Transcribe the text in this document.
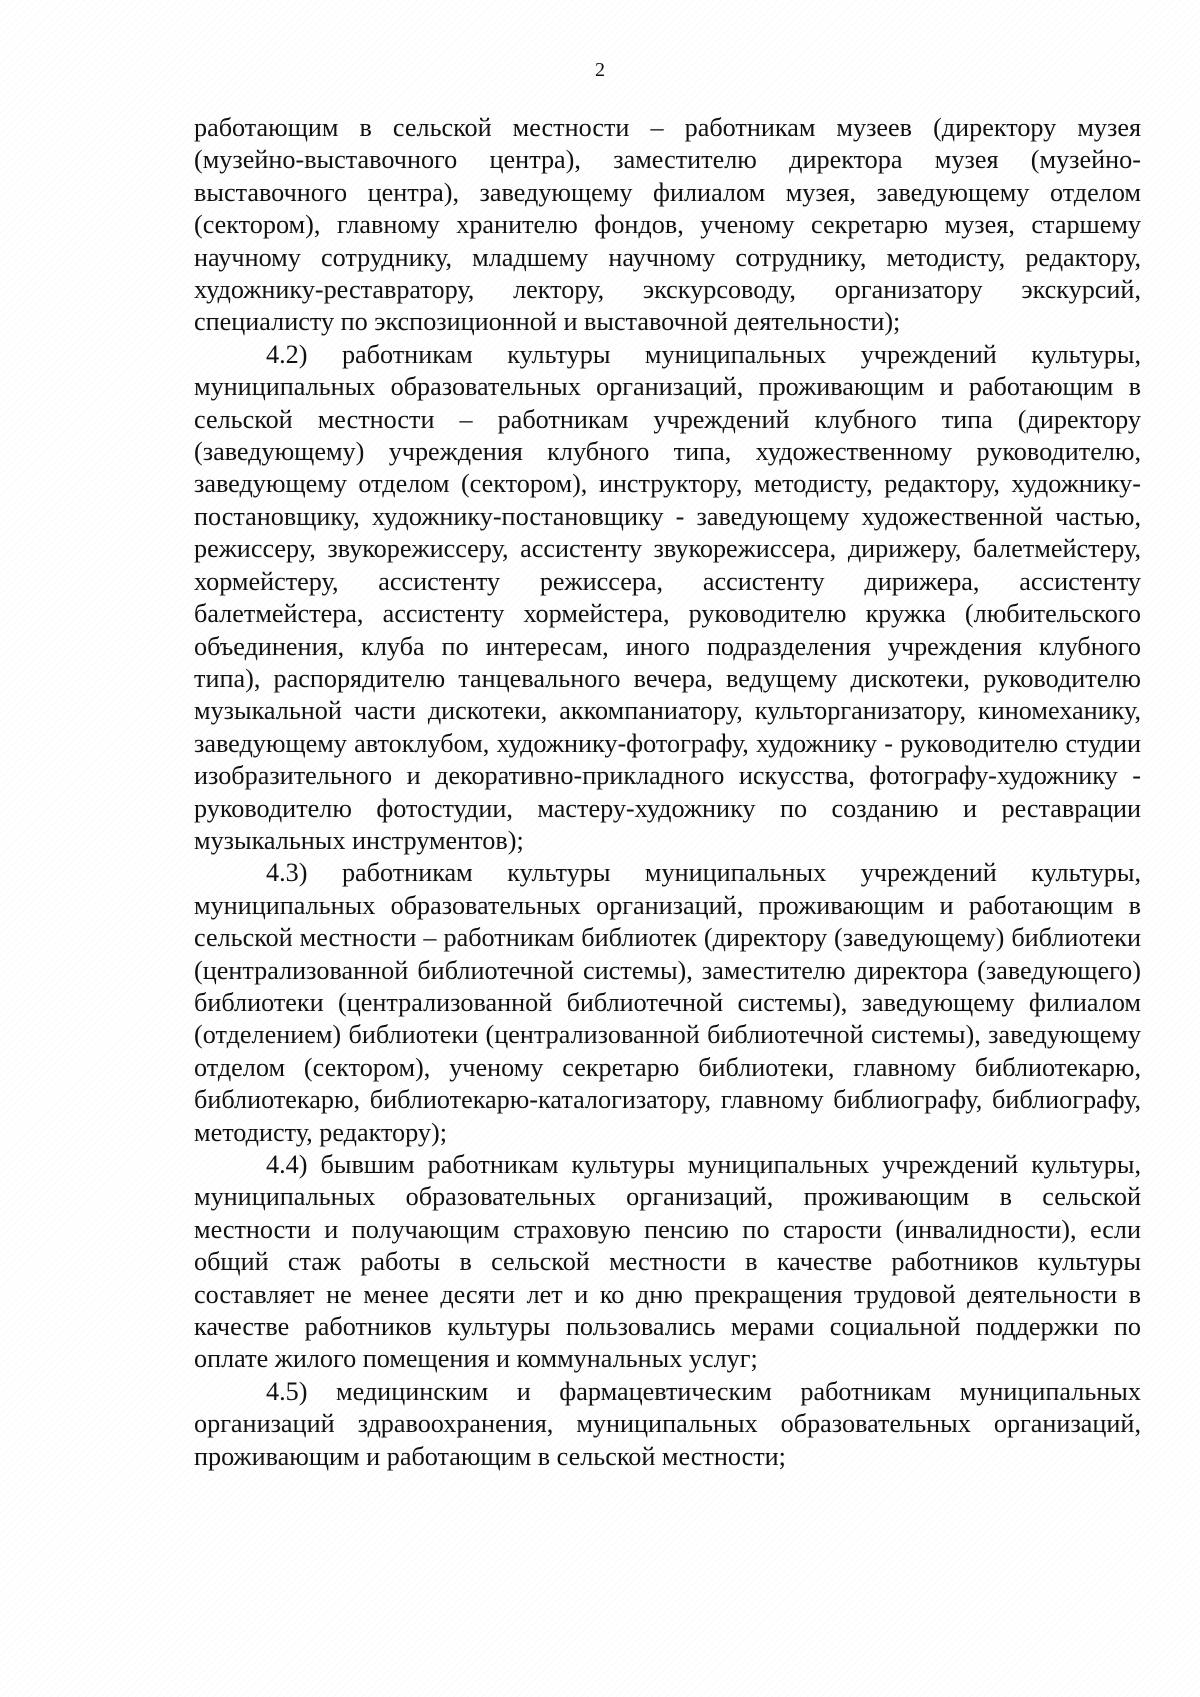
2

работающим в сельской местности – работникам музеев (директору музея (музейно-выставочного центра), заместителю директора музея (музейно-выставочного центра), заведующему филиалом музея, заведующему отделом (сектором), главному хранителю фондов, ученому секретарю музея, старшему научному сотруднику, младшему научному сотруднику, методисту, редактору, художнику-реставратору, лектору, экскурсоводу, организатору экскурсий, специалисту по экспозиционной и выставочной деятельности);

4.2) работникам культуры муниципальных учреждений культуры, муниципальных образовательных организаций, проживающим и работающим в сельской местности – работникам учреждений клубного типа (директору (заведующему) учреждения клубного типа, художественному руководителю, заведующему отделом (сектором), инструктору, методисту, редактору, художнику-постановщику, художнику-постановщику - заведующему художественной частью, режиссеру, звукорежиссеру, ассистенту звукорежиссера, дирижеру, балетмейстеру, хормейстеру, ассистенту режиссера, ассистенту дирижера, ассистенту балетмейстера, ассистенту хормейстера, руководителю кружка (любительского объединения, клуба по интересам, иного подразделения учреждения клубного типа), распорядителю танцевального вечера, ведущему дискотеки, руководителю музыкальной части дискотеки, аккомпаниатору, культорганизатору, киномеханику, заведующему автоклубом, художнику-фотографу, художнику - руководителю студии изобразительного и декоративно-прикладного искусства, фотографу-художнику - руководителю фотостудии, мастеру-художнику по созданию и реставрации музыкальных инструментов);

4.3) работникам культуры муниципальных учреждений культуры, муниципальных образовательных организаций, проживающим и работающим в сельской местности – работникам библиотек (директору (заведующему) библиотеки (централизованной библиотечной системы), заместителю директора (заведующего) библиотеки (централизованной библиотечной системы), заведующему филиалом (отделением) библиотеки (централизованной библиотечной системы), заведующему отделом (сектором), ученому секретарю библиотеки, главному библиотекарю, библиотекарю, библиотекарю-каталогизатору, главному библиографу, библиографу, методисту, редактору);

4.4) бывшим работникам культуры муниципальных учреждений культуры, муниципальных образовательных организаций, проживающим в сельской местности и получающим страховую пенсию по старости (инвалидности), если общий стаж работы в сельской местности в качестве работников культуры составляет не менее десяти лет и ко дню прекращения трудовой деятельности в качестве работников культуры пользовались мерами социальной поддержки по оплате жилого помещения и коммунальных услуг;

4.5) медицинским и фармацевтическим работникам муниципальных организаций здравоохранения, муниципальных образовательных организаций, проживающим и работающим в сельской местности;
